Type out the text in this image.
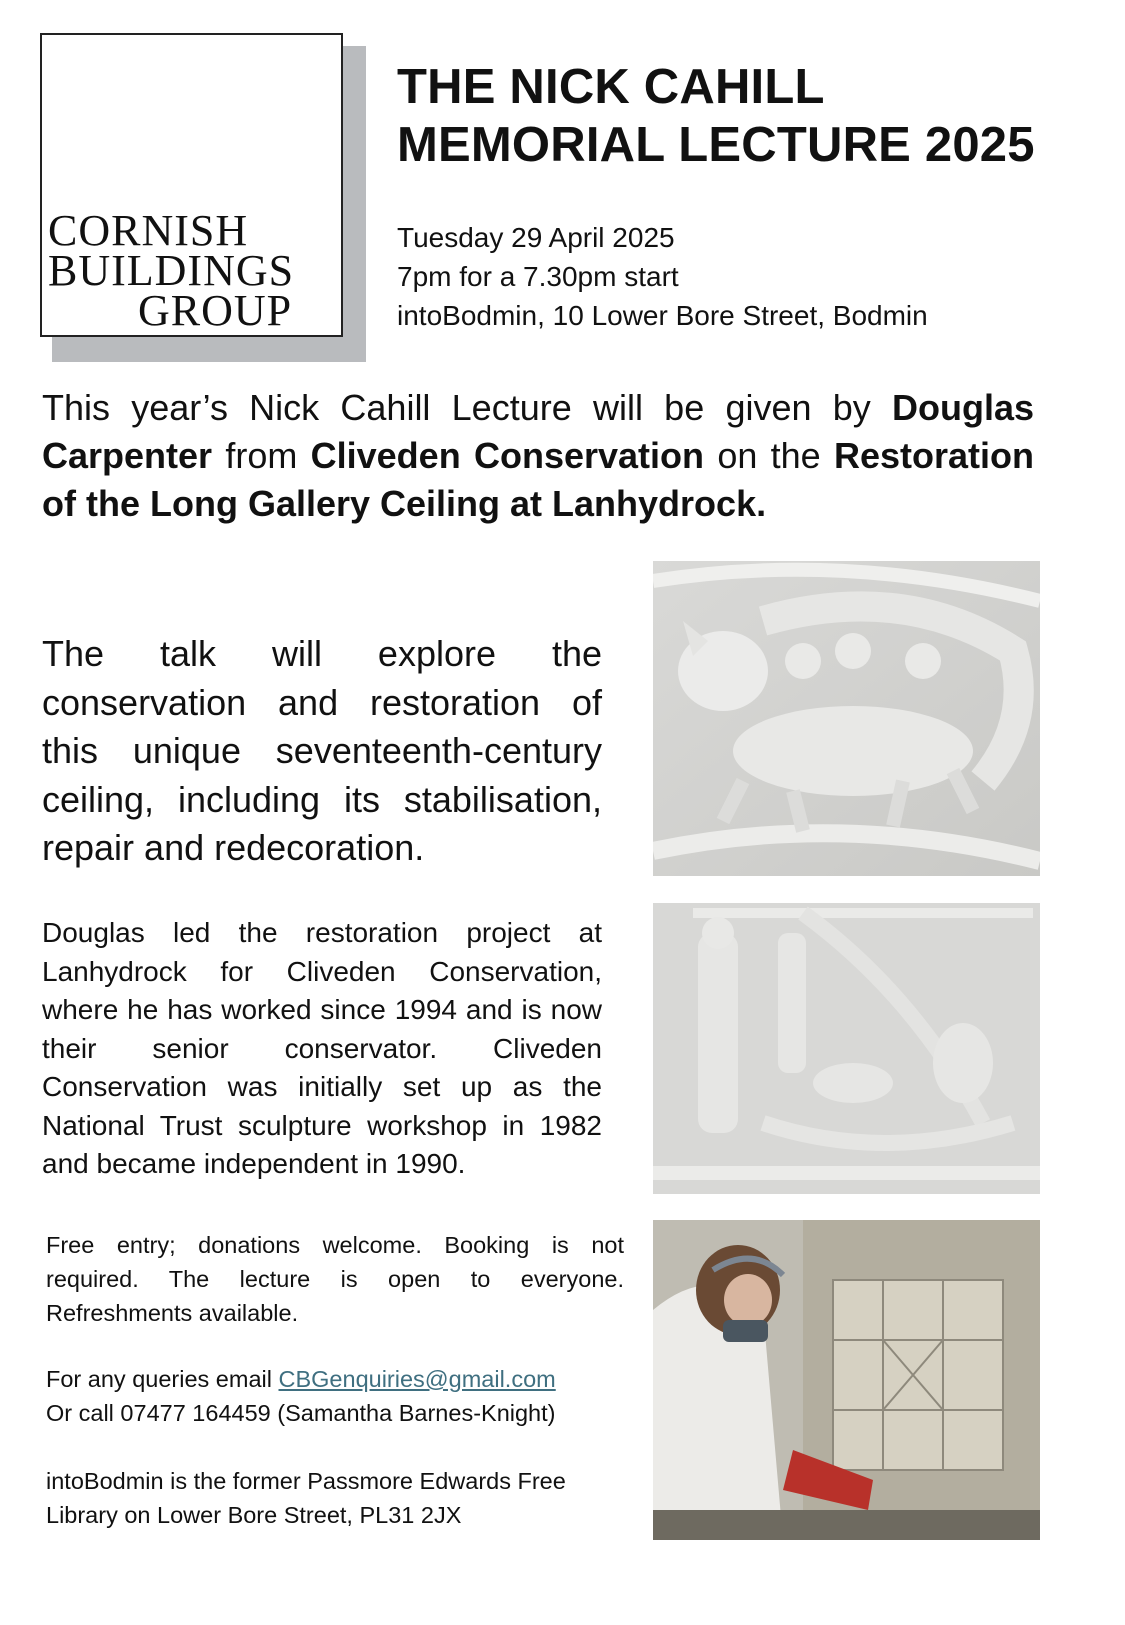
CORNISH
BUILDINGS
GROUP
THE NICK CAHILL
MEMORIAL LECTURE 2025
Tuesday 29 April 2025
7pm for a 7.30pm start
intoBodmin, 10 Lower Bore Street, Bodmin
This year’s Nick Cahill Lecture will be given by Douglas Carpenter from Cliveden Conservation on the Restoration of the Long Gallery Ceiling at Lanhydrock.
The talk will explore the conservation and restoration of this unique seventeenth-century ceiling, including its stabilisation, repair and redecoration.
Douglas led the restoration project at Lanhydrock for Cliveden Conservation, where he has worked since 1994 and is now their senior conservator. Cliveden Conservation was initially set up as the National Trust sculpture workshop in 1982 and became independent in 1990.
Free entry; donations welcome. Booking is not required. The lecture is open to everyone. Refreshments available.
For any queries email CBGenquiries@gmail.com
Or call 07477 164459 (Samantha Barnes-Knight)
intoBodmin is the former Passmore Edwards Free
Library on Lower Bore Street, PL31 2JX
